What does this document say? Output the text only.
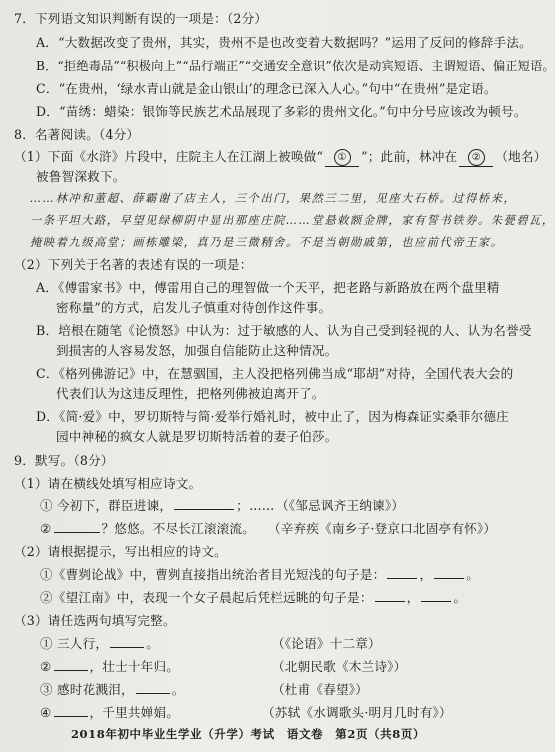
7．下列语文知识判断有误的一项是：（2分）
A．“大数据改变了贵州，其实，贵州不是也改变着大数据吗？”运用了反问的修辞手法。
B．“拒绝毒品”“积极向上”“品行端正”“交通安全意识”依次是动宾短语、主谓短语、偏正短语。
C．“在贵州，‘绿水青山就是金山银山’的理念已深入人心。”句中“在贵州”是定语。
D．“苗绣：蜡染：银饰等民族艺术品展现了多彩的贵州文化。”句中分号应该改为顿号。
8．名著阅读。（4分）
（1）下面《水浒》片段中，庄院主人在江湖上被唤做“ ① ”；此前，林冲在 ② （地名）
被鲁智深救下。
……林冲和董超、薛霸谢了店主人，三个出门，果然三二里，见座大石桥。过得桥来，
一条平坦大路，早望见绿柳阴中显出那座庄院……堂悬敕额金牌，家有誓书铁券。朱甍碧瓦，
掩映着九级高堂；画栋雕梁，真乃是三微精舍。不是当朝勋戚第，也应前代帝王家。
（2）下列关于名著的表述有误的一项是：
A．《傅雷家书》中，傅雷用自己的理智做一个天平，把老路与新路放在两个盘里精
密称量”的方式，启发儿子慎重对待创作这件事。
B．培根在随笔《论愤怒》中认为：过于敏感的人、认为自己受到轻视的人、认为名誉受
到损害的人容易发怒，加强自信能防止这种情况。
C．《格列佛游记》中，在慧骃国，主人没把格列佛当成“耶胡”对待，全国代表大会的
代表们认为这违反理性，把格列佛被迫离开了。
D．《简·爱》中，罗切斯特与简·爱举行婚礼时，被中止了，因为梅森证实桑菲尔德庄
园中神秘的疯女人就是罗切斯特活着的妻子伯莎。
9．默写。（8分）
（1）请在横线处填写相应诗文。
① 今初下，群臣进谏，	；…… （《邹忌讽齐王纳谏》）
②	？悠悠。不尽长江滚滚流。 （辛弃疾《南乡子·登京口北固亭有怀》）
（2）请根据提示，写出相应的诗文。
①《曹刿论战》中，曹刿直接指出统治者目光短浅的句子是：	，	。
②《望江南》中，表现一个女子晨起后凭栏远眺的句子是：	，	。
（3）请任选两句填写完整。
① 三人行，	。	（《论语》十二章）
②	，壮士十年归。	（北朝民歌《木兰诗》）
③ 感时花溅泪，	。	（杜甫《春望》）
④	，千里共婵娟。	（苏轼《水调歌头·明月几时有》）
2018年初中毕业生学业（升学）考试　语文卷　第2页（共8页）
